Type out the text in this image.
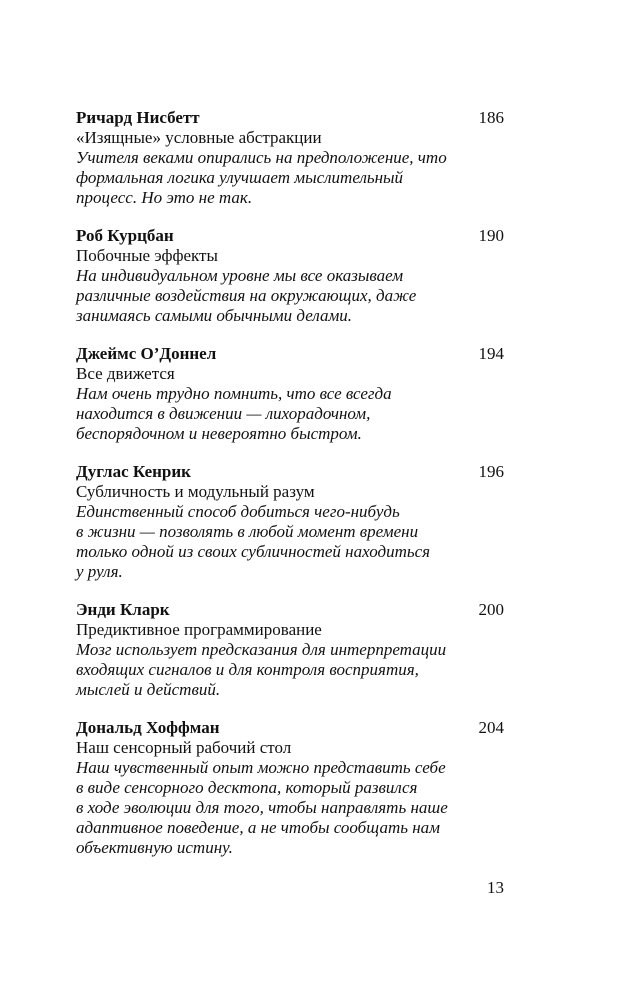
Ричард Нисбетт	186
«Изящные» условные абстракции
Учителя веками опирались на предположение, что
формальная логика улучшает мыслительный
процесс. Но это не так.
Роб Курцбан	190
Побочные эффекты
На индивидуальном уровне мы все оказываем
различные воздействия на окружающих, даже
занимаясь самыми обычными делами.
Джеймс О’Доннел	194
Все движется
Нам очень трудно помнить, что все всегда
находится в движении — лихорадочном,
беспорядочном и невероятно быстром.
Дуглас Кенрик	196
Субличность и модульный разум
Единственный способ добиться чего-нибудь
в жизни — позволять в любой момент времени
только одной из своих субличностей находиться
у руля.
Энди Кларк	200
Предиктивное программирование
Мозг использует предсказания для интерпретации
входящих сигналов и для контроля восприятия,
мыслей и действий.
Дональд Хоффман	204
Наш сенсорный рабочий стол
Наш чувственный опыт можно представить себе
в виде сенсорного десктопа, который развился
в ходе эволюции для того, чтобы направлять наше
адаптивное поведение, а не чтобы сообщать нам
объективную истину.
13
